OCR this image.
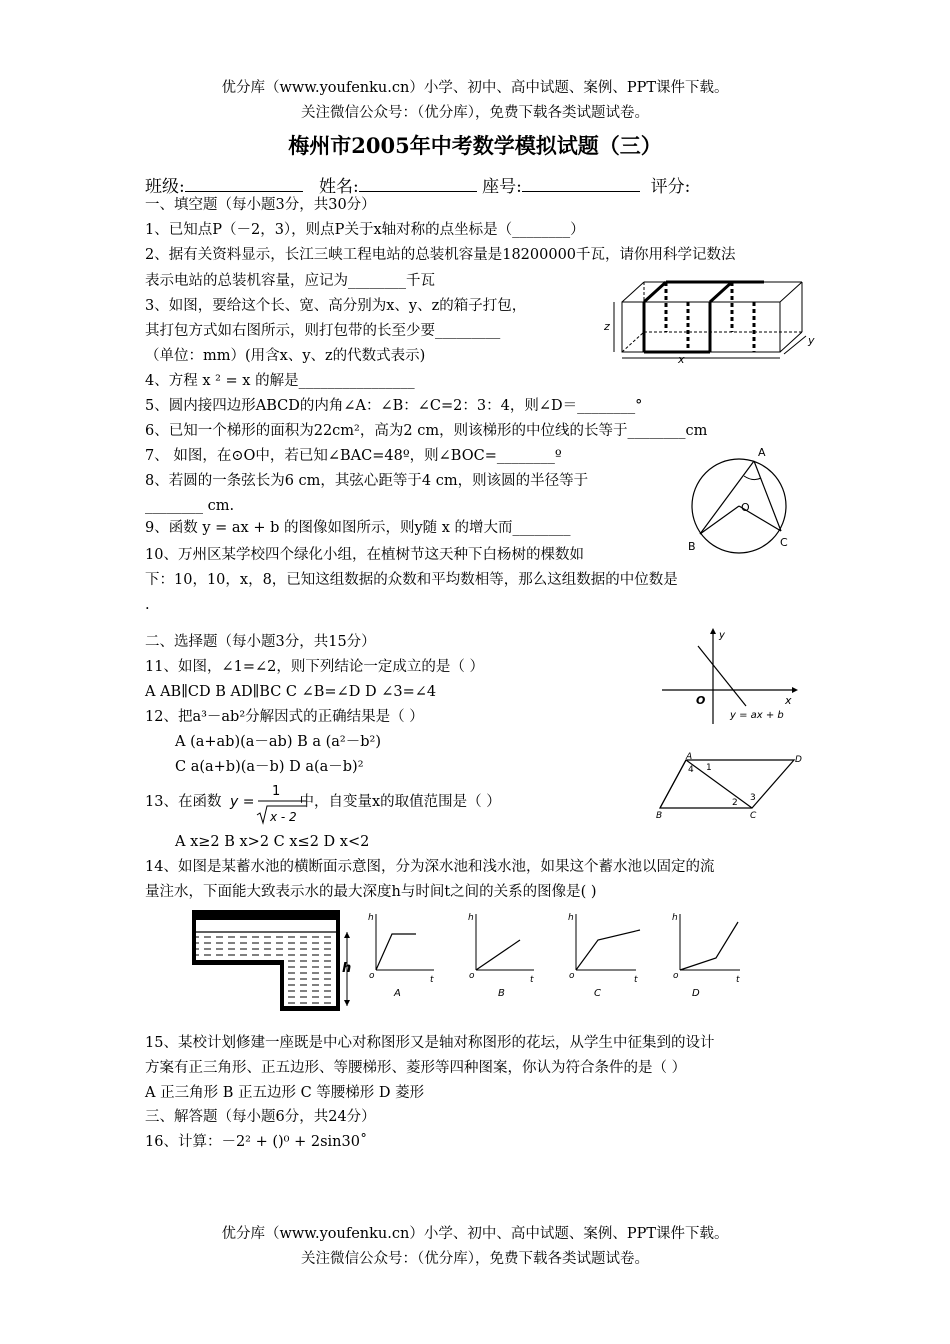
优分库（www.youfenku.cn）小学、初中、高中试题、案例、PPT课件下载。
关注微信公众号：（优分库），免费下载各类试题试卷。
梅州市2005年中考数学模拟试题（三）
班级:	姓名:	座号:	评分:
一、填空题（每小题3分，共30分）
1、已知点P（－2，3），则点P关于x轴对称的点坐标是（________）
2、据有关资料显示，长江三峡工程电站的总装机容量是18200000千瓦，请你用科学记数法
表示电站的总装机容量，应记为________千瓦
3、如图，要给这个长、宽、高分别为x、y、z的箱子打包，
其打包方式如右图所示，则打包带的长至少要_________
（单位：mm）(用含x、y、z的代数式表示)
4、方程 x ² = x 的解是________________
5、圆内接四边形ABCD的内角∠A：∠B：∠C=2：3：4，则∠D＝________°
6、已知一个梯形的面积为22cm²，高为2 cm，则该梯形的中位线的长等于________cm
7、 如图，在⊙O中，若已知∠BAC=48º，则∠BOC=________º
8、若圆的一条弦长为6 cm，其弦心距等于4 cm，则该圆的半径等于
________ cm.
9、函数 y = ax + b 的图像如图所示，则y随 x 的增大而________
10、万州区某学校四个绿化小组，在植树节这天种下白杨树的棵数如
下：10，10，x，8，已知这组数据的众数和平均数相等，那么这组数据的中位数是
.
二、选择题（每小题3分，共15分）
11、如图，∠1=∠2，则下列结论一定成立的是（ ）
A AB∥CD B AD∥BC C ∠B=∠D D ∠3=∠4
12、把a³－ab²分解因式的正确结果是（ ）
A (a+ab)(a－ab) B a (a²－b²)
C a(a+b)(a－b) D a(a－b)²
13、在函数	中，自变量x的取值范围是（ ）
y =
1
x - 2
A x≥2 B x>2 C x≤2 D x<2
14、如图是某蓄水池的横断面示意图，分为深水池和浅水池，如果这个蓄水池以固定的流
量注水，下面能大致表示水的最大深度h与时间t之间的关系的图像是( )
15、某校计划修建一座既是中心对称图形又是轴对称图形的花坛，从学生中征集到的设计
方案有正三角形、正五边形、等腰梯形、菱形等四种图案，你认为符合条件的是（ ）
A 正三角形 B 正五边形 C 等腰梯形 D 菱形
三、解答题（每小题6分，共24分）
16、计算：－2² + ()⁰ + 2sin30˚
优分库（www.youfenku.cn）小学、初中、高中试题、案例、PPT课件下载。
关注微信公众号：（优分库），免费下载各类试题试卷。
z
x
y
A
O
B	C
y
x
O
y = ax + b
A	D
B	C
1
2 3
4
h
h
o	t
A
h
o	t
B
h
o	t
C
h
o	t
D
